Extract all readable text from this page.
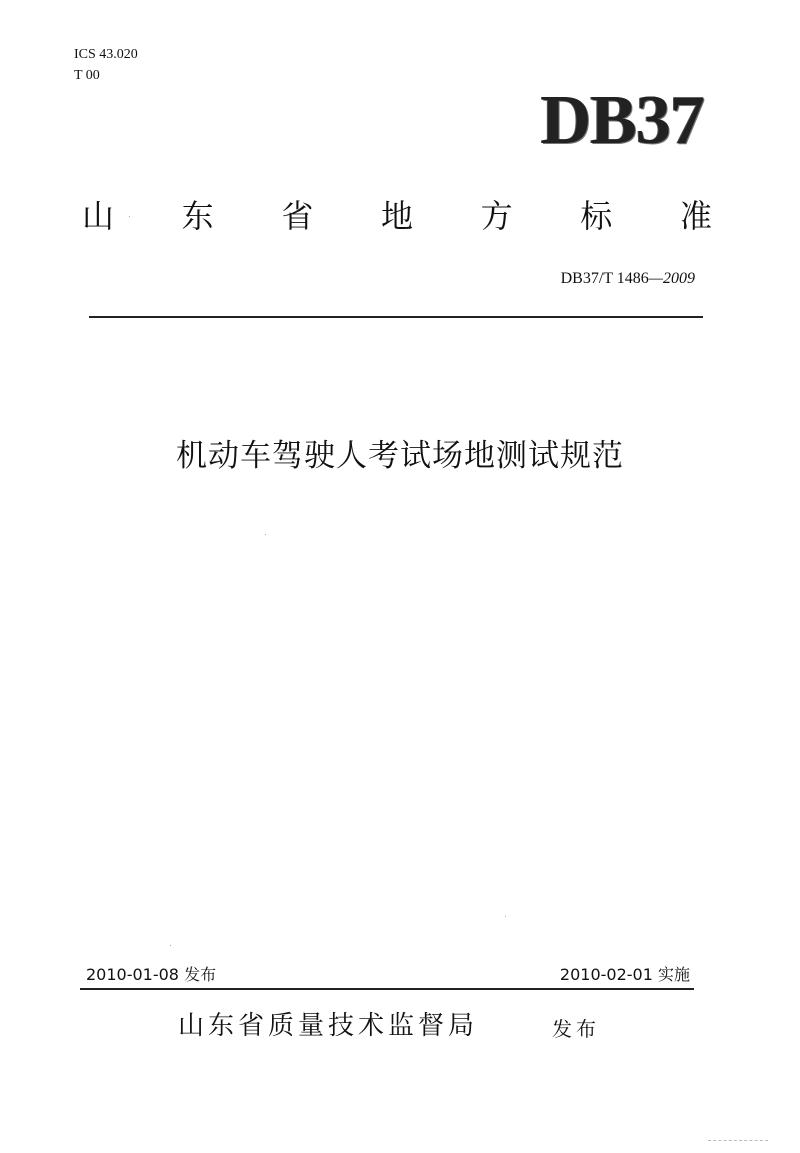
ICS 43.020
T 00
DB37
山 东 省 地 方 标 准
DB37/T 1486—2009
机动车驾驶人考试场地测试规范
2010-01-08 发布	2010-02-01 实施
山东省质量技术监督局	发布
